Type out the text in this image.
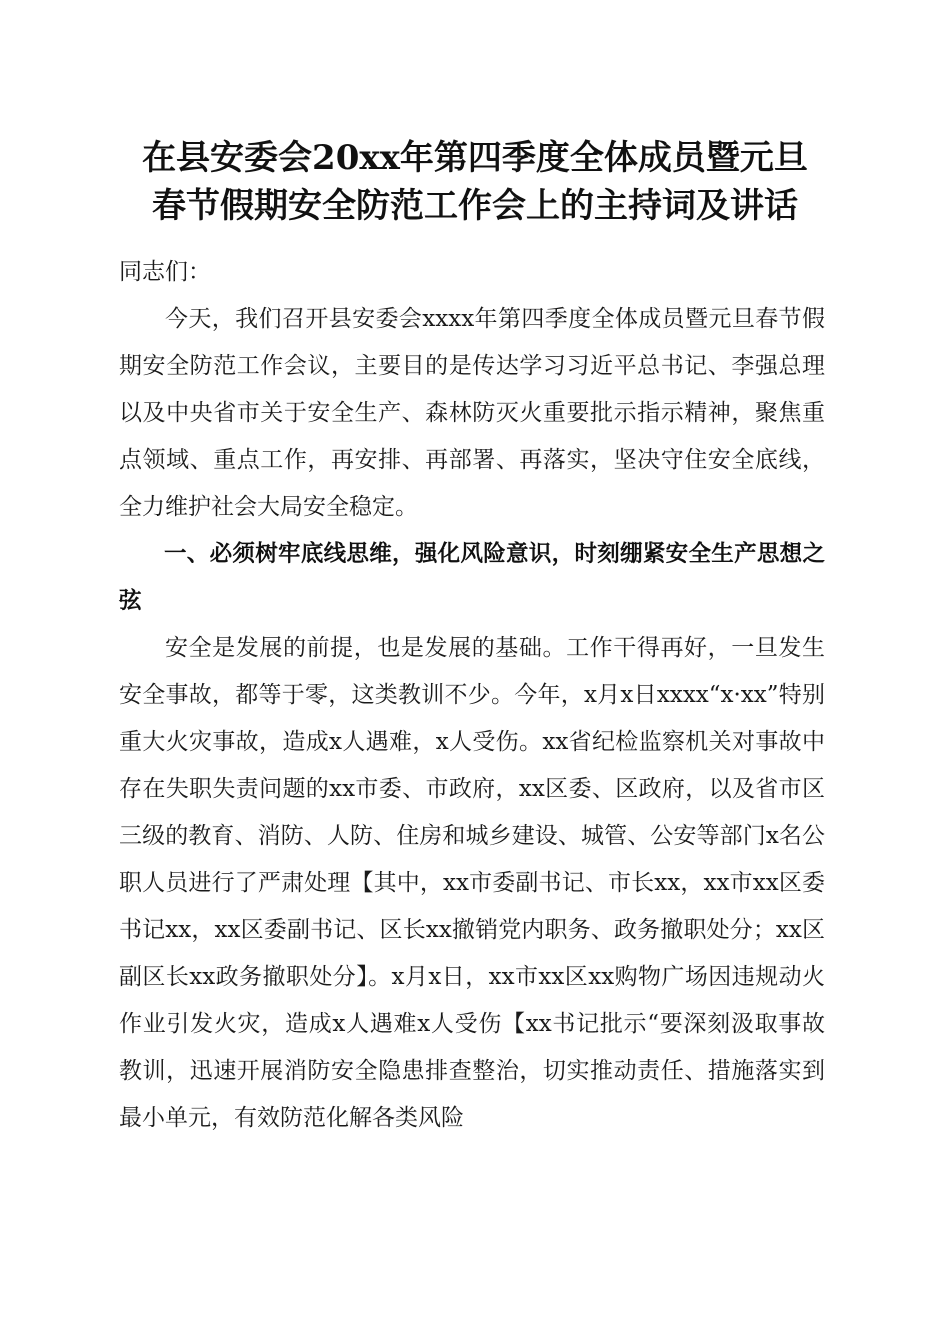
在县安委会20xx年第四季度全体成员暨元旦
春节假期安全防范工作会上的主持词及讲话

同志们：

今天，我们召开县安委会xxxx年第四季度全体成员暨元旦春节假期安全防范工作会议，主要目的是传达学习习近平总书记、李强总理以及中央省市关于安全生产、森林防灭火重要批示指示精神，聚焦重点领域、重点工作，再安排、再部署、再落实，坚决守住安全底线，全力维护社会大局安全稳定。

一、必须树牢底线思维，强化风险意识，时刻绷紧安全生产思想之弦

安全是发展的前提，也是发展的基础。工作干得再好，一旦发生安全事故，都等于零，这类教训不少。今年，x月x日xxxx“x·xx”特别重大火灾事故，造成x人遇难，x人受伤。xx省纪检监察机关对事故中存在失职失责问题的xx市委、市政府，xx区委、区政府，以及省市区三级的教育、消防、人防、住房和城乡建设、城管、公安等部门x名公职人员进行了严肃处理【其中，xx市委副书记、市长xx，xx市xx区委书记xx，xx区委副书记、区长xx撤销党内职务、政务撤职处分；xx区副区长xx政务撤职处分】。x月x日，xx市xx区xx购物广场因违规动火作业引发火灾，造成x人遇难x人受伤【xx书记批示“要深刻汲取事故教训，迅速开展消防安全隐患排查整治，切实推动责任、措施落实到最小单元，有效防范化解各类风险
